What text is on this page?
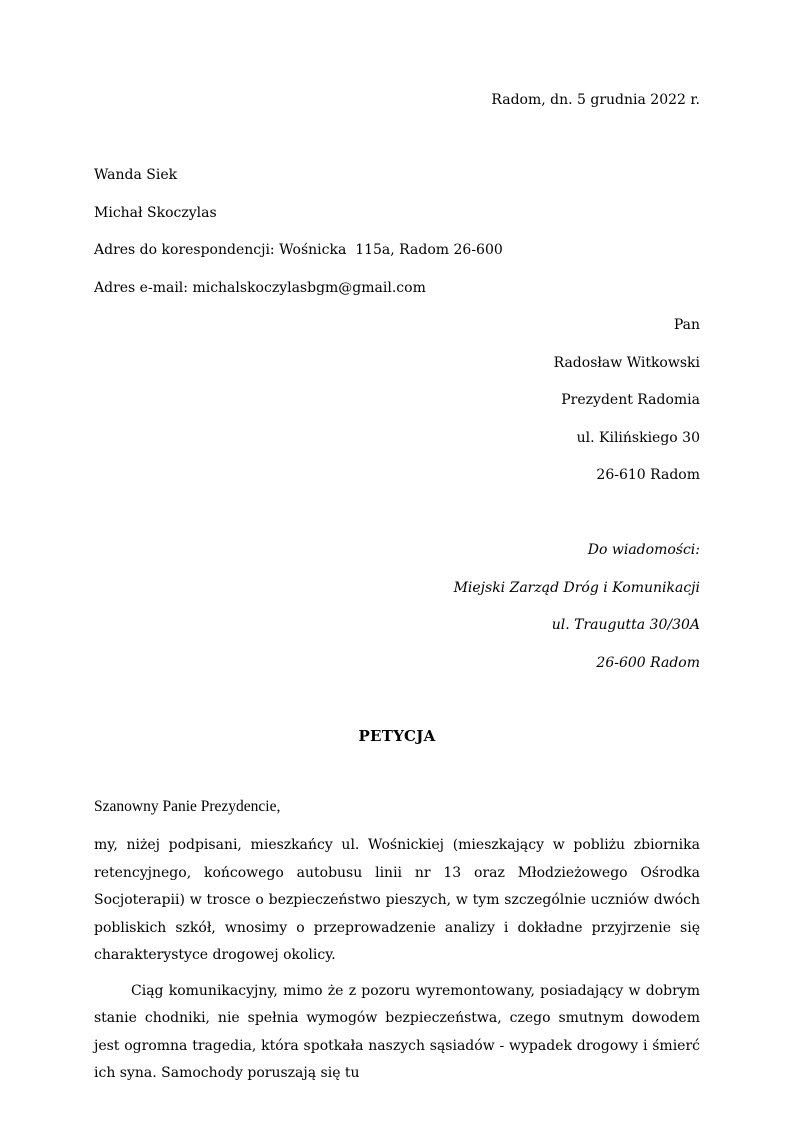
Radom, dn. 5 grudnia 2022 r.
Wanda Siek
Michał Skoczylas
Adres do korespondencji: Wośnicka  115a, Radom 26-600
Adres e-mail: michalskoczylasbgm@gmail.com
Pan
Radosław Witkowski
Prezydent Radomia
ul. Kilińskiego 30
26-610 Radom
Do wiadomości:
Miejski Zarząd Dróg i Komunikacji
ul. Traugutta 30/30A
26-600 Radom
PETYCJA
Szanowny Panie Prezydencie,
my, niżej podpisani, mieszkańcy ul. Wośnickiej (mieszkający w pobliżu zbiornika retencyjnego, końcowego autobusu linii nr 13 oraz Młodzieżowego Ośrodka Socjoterapii) w trosce o bezpieczeństwo pieszych, w tym szczególnie uczniów dwóch pobliskich szkół, wnosimy o przeprowadzenie analizy i dokładne przyjrzenie się charakterystyce drogowej okolicy.
Ciąg komunikacyjny, mimo że z pozoru wyremontowany, posiadający w dobrym stanie chodniki, nie spełnia wymogów bezpieczeństwa, czego smutnym dowodem jest ogromna tragedia, która spotkała naszych sąsiadów - wypadek drogowy i śmierć ich syna. Samochody poruszają się tu
